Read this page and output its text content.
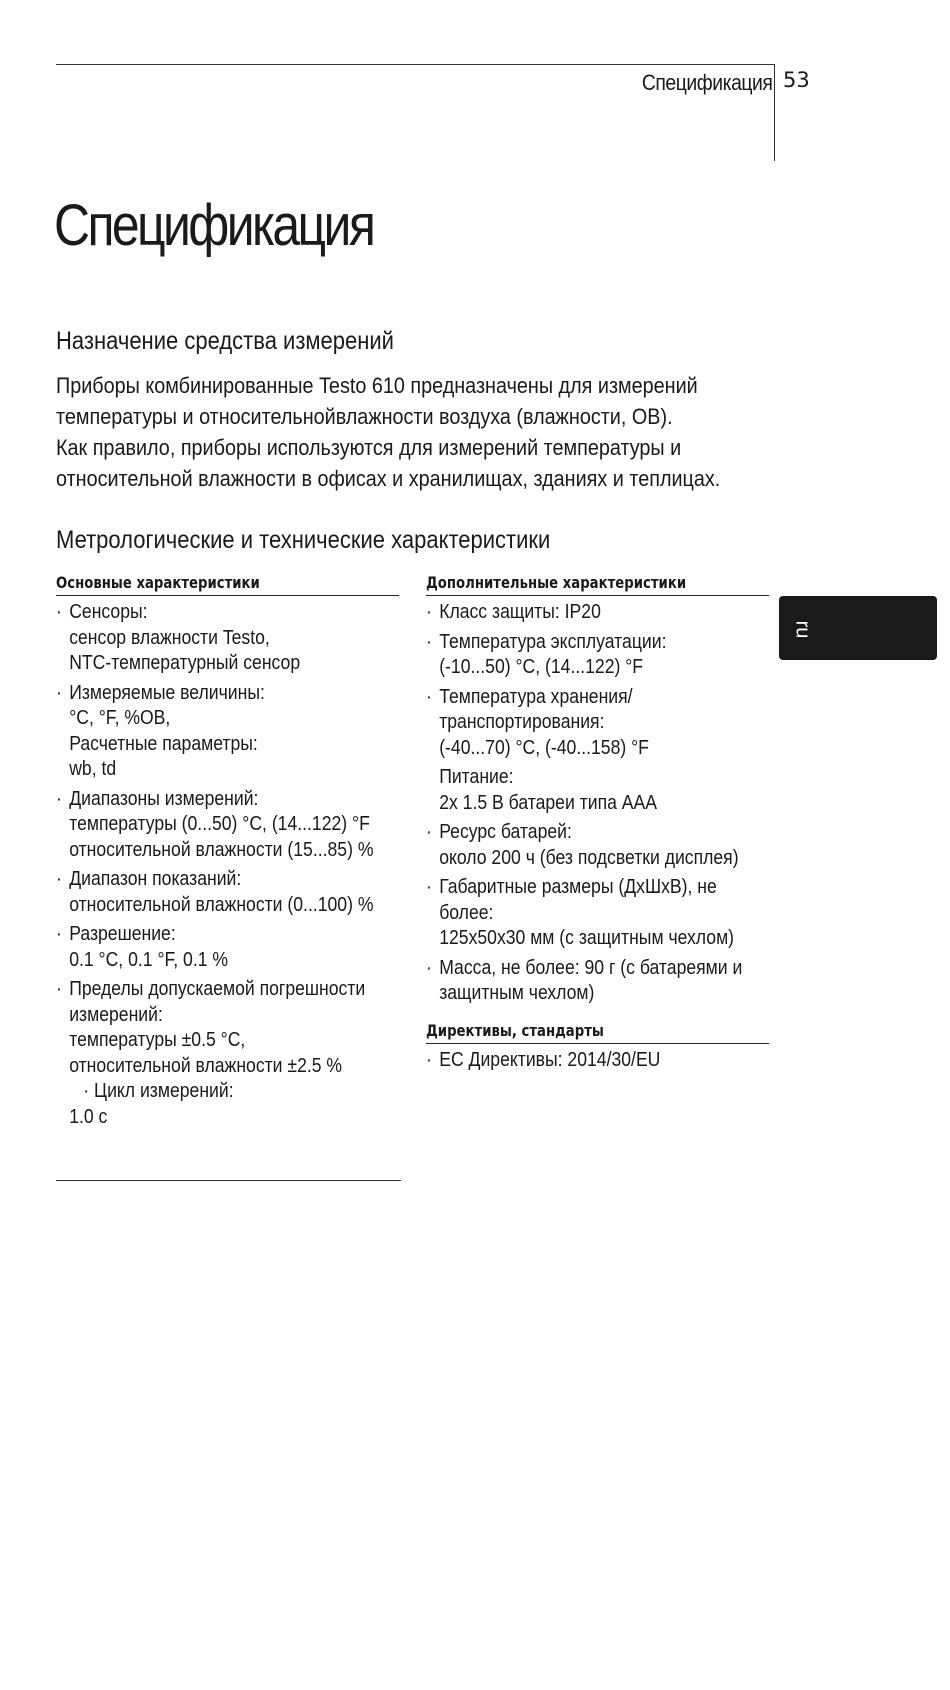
Спецификация 53
Спецификация
Назначение средства измерений

Приборы комбинированные Testo 610 предназначены для измерений

температуры и относительнойвлажности воздуха (влажности, ОВ).

Как правило, приборы используются для измерений температуры и

относительной влажности в офисах и хранилищах, зданиях и теплицах.

Метрологические и технические характеристики
Основные характеристики
· Сенсоры:
сенсор влажности Testo,
NTC-температурный сенсор
· Измеряемые величины:
°С, °F, %ОВ,
Расчетные параметры:
wb, td
· Диапазоны измерений:
температуры (0...50) °С, (14...122) °F
относительной влажности (15...85) %
· Диапазон показаний:
относительной влажности (0...100) %
· Разрешение:
0.1 °С, 0.1 °F, 0.1 %
· Пределы допускаемой погрешности
измерений:
температуры ±0.5 °С,
относительной влажности ±2.5 %
· Цикл измерений:
1.0 с
Дополнительные характеристики
· Класс защиты: IP20
· Температура эксплуатации:
(-10...50) °С, (14...122) °F
· Температура хранения/
транспортирования:
(-40...70) °С, (-40...158) °F
Питание:
2х 1.5 В батареи типа ААА
· Ресурс батарей:
около 200 ч (без подсветки дисплея)
· Габаритные размеры (ДхШхВ), не
более:
125х50х30 мм (с защитным чехлом)
· Масса, не более: 90 г (с батареями и
защитным чехлом)
Директивы, стандарты
· ЕС Директивы: 2014/30/EU
ru
